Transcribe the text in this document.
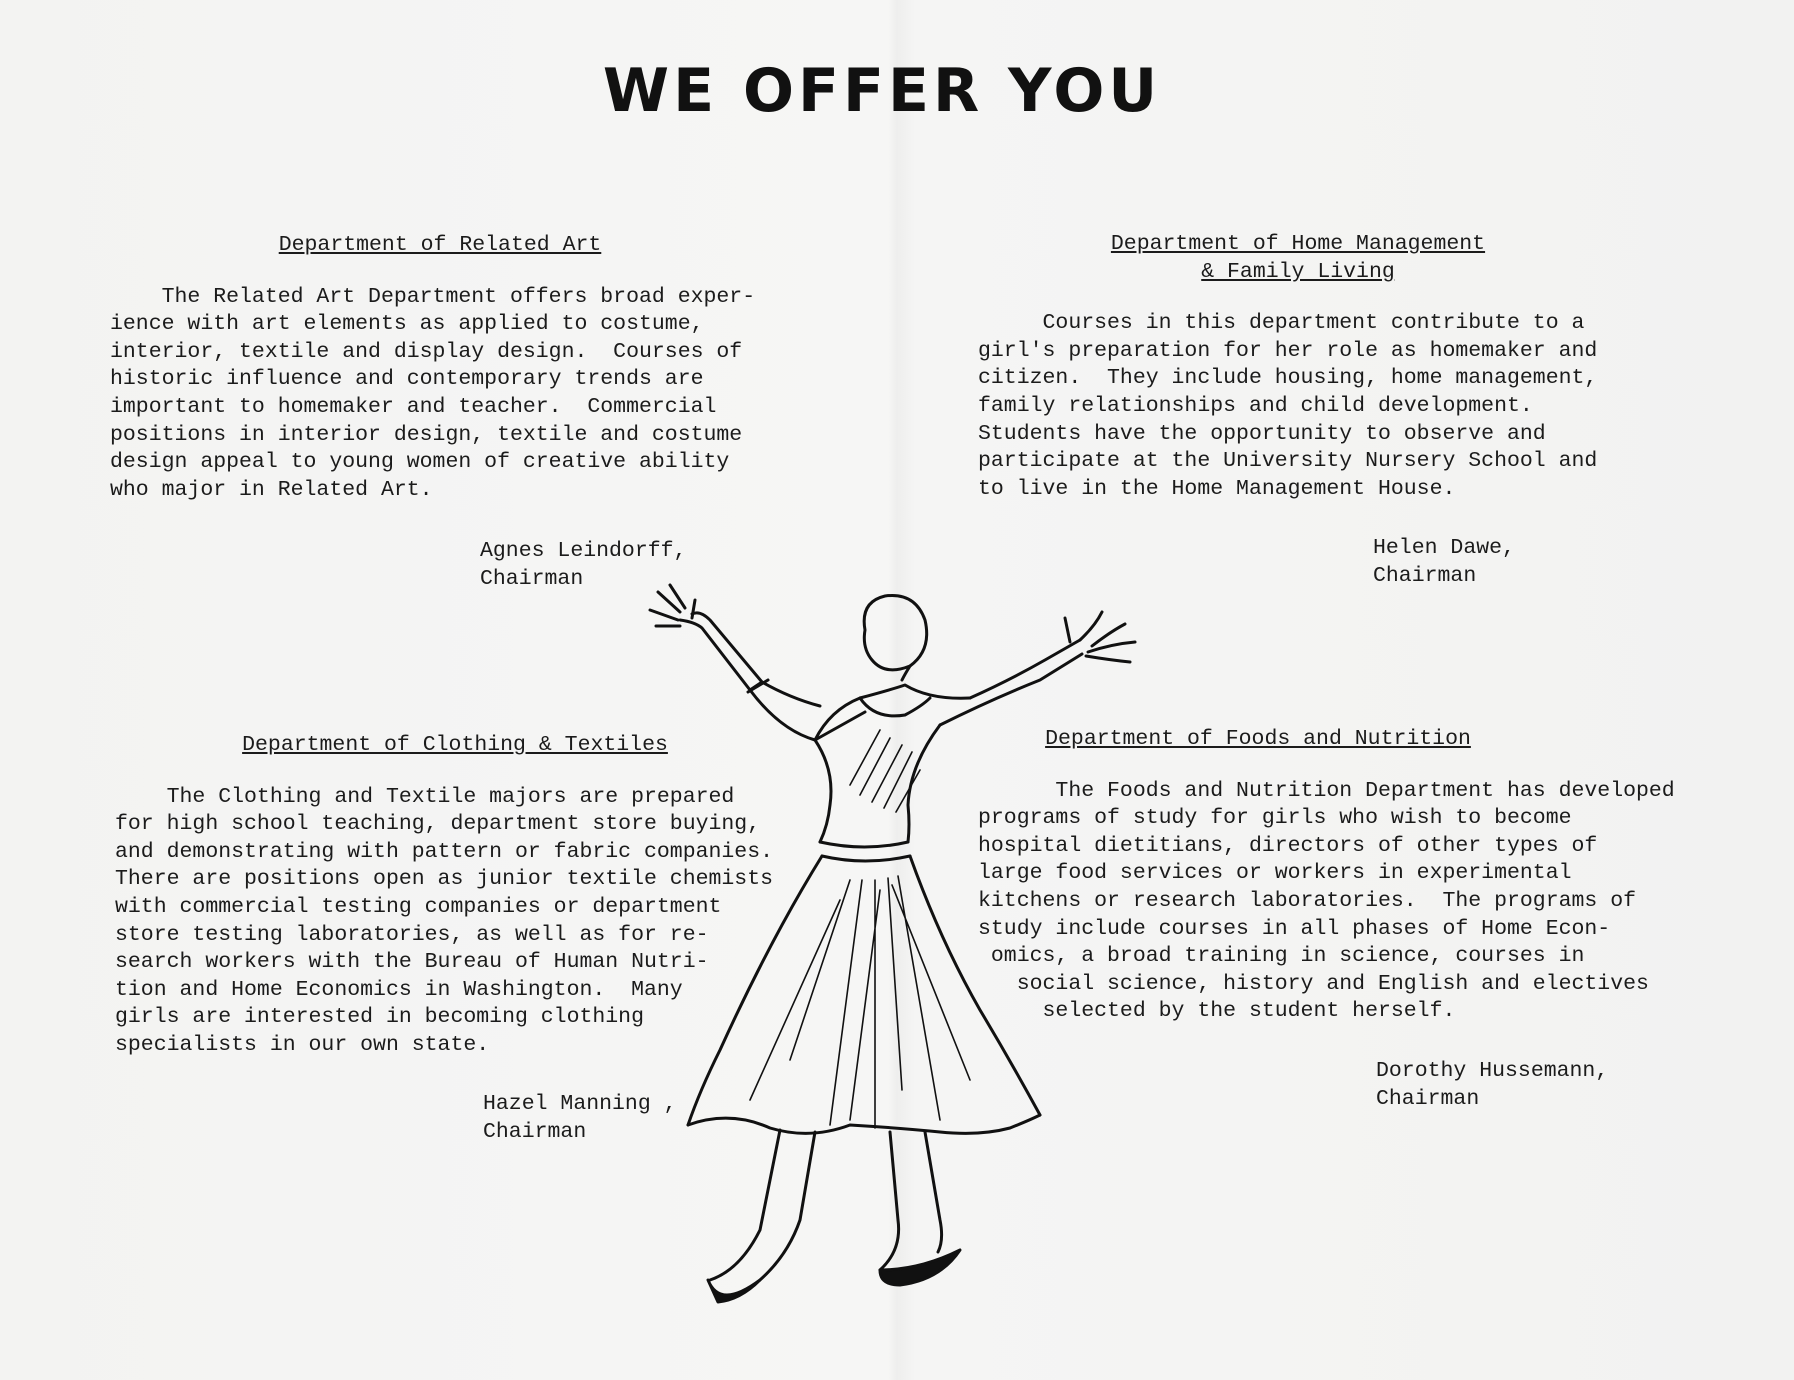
WE OFFER YOU
Department of Related Art
The Related Art Department offers broad exper-
ience with art elements as applied to costume,
interior, textile and display design.  Courses of
historic influence and contemporary trends are
important to homemaker and teacher.  Commercial
positions in interior design, textile and costume
design appeal to young women of creative ability
who major in Related Art.
Agnes Leindorff,
Chairman
Department of Home Management
& Family Living
Courses in this department contribute to a
girl's preparation for her role as homemaker and
citizen.  They include housing, home management,
family relationships and child development.
Students have the opportunity to observe and
participate at the University Nursery School and
to live in the Home Management House.
Helen Dawe,
Chairman
Department of Clothing & Textiles
The Clothing and Textile majors are prepared
for high school teaching, department store buying,
and demonstrating with pattern or fabric companies.
There are positions open as junior textile chemists
with commercial testing companies or department
store testing laboratories, as well as for re-
search workers with the Bureau of Human Nutri-
tion and Home Economics in Washington.  Many
girls are interested in becoming clothing
specialists in our own state.
Hazel Manning ,
Chairman
Department of Foods and Nutrition
The Foods and Nutrition Department has developed
programs of study for girls who wish to become
hospital dietitians, directors of other types of
large food services or workers in experimental
kitchens or research laboratories.  The programs of
study include courses in all phases of Home Econ-
omics, a broad training in science, courses in
social science, history and English and electives
selected by the student herself.
Dorothy Hussemann,
Chairman
